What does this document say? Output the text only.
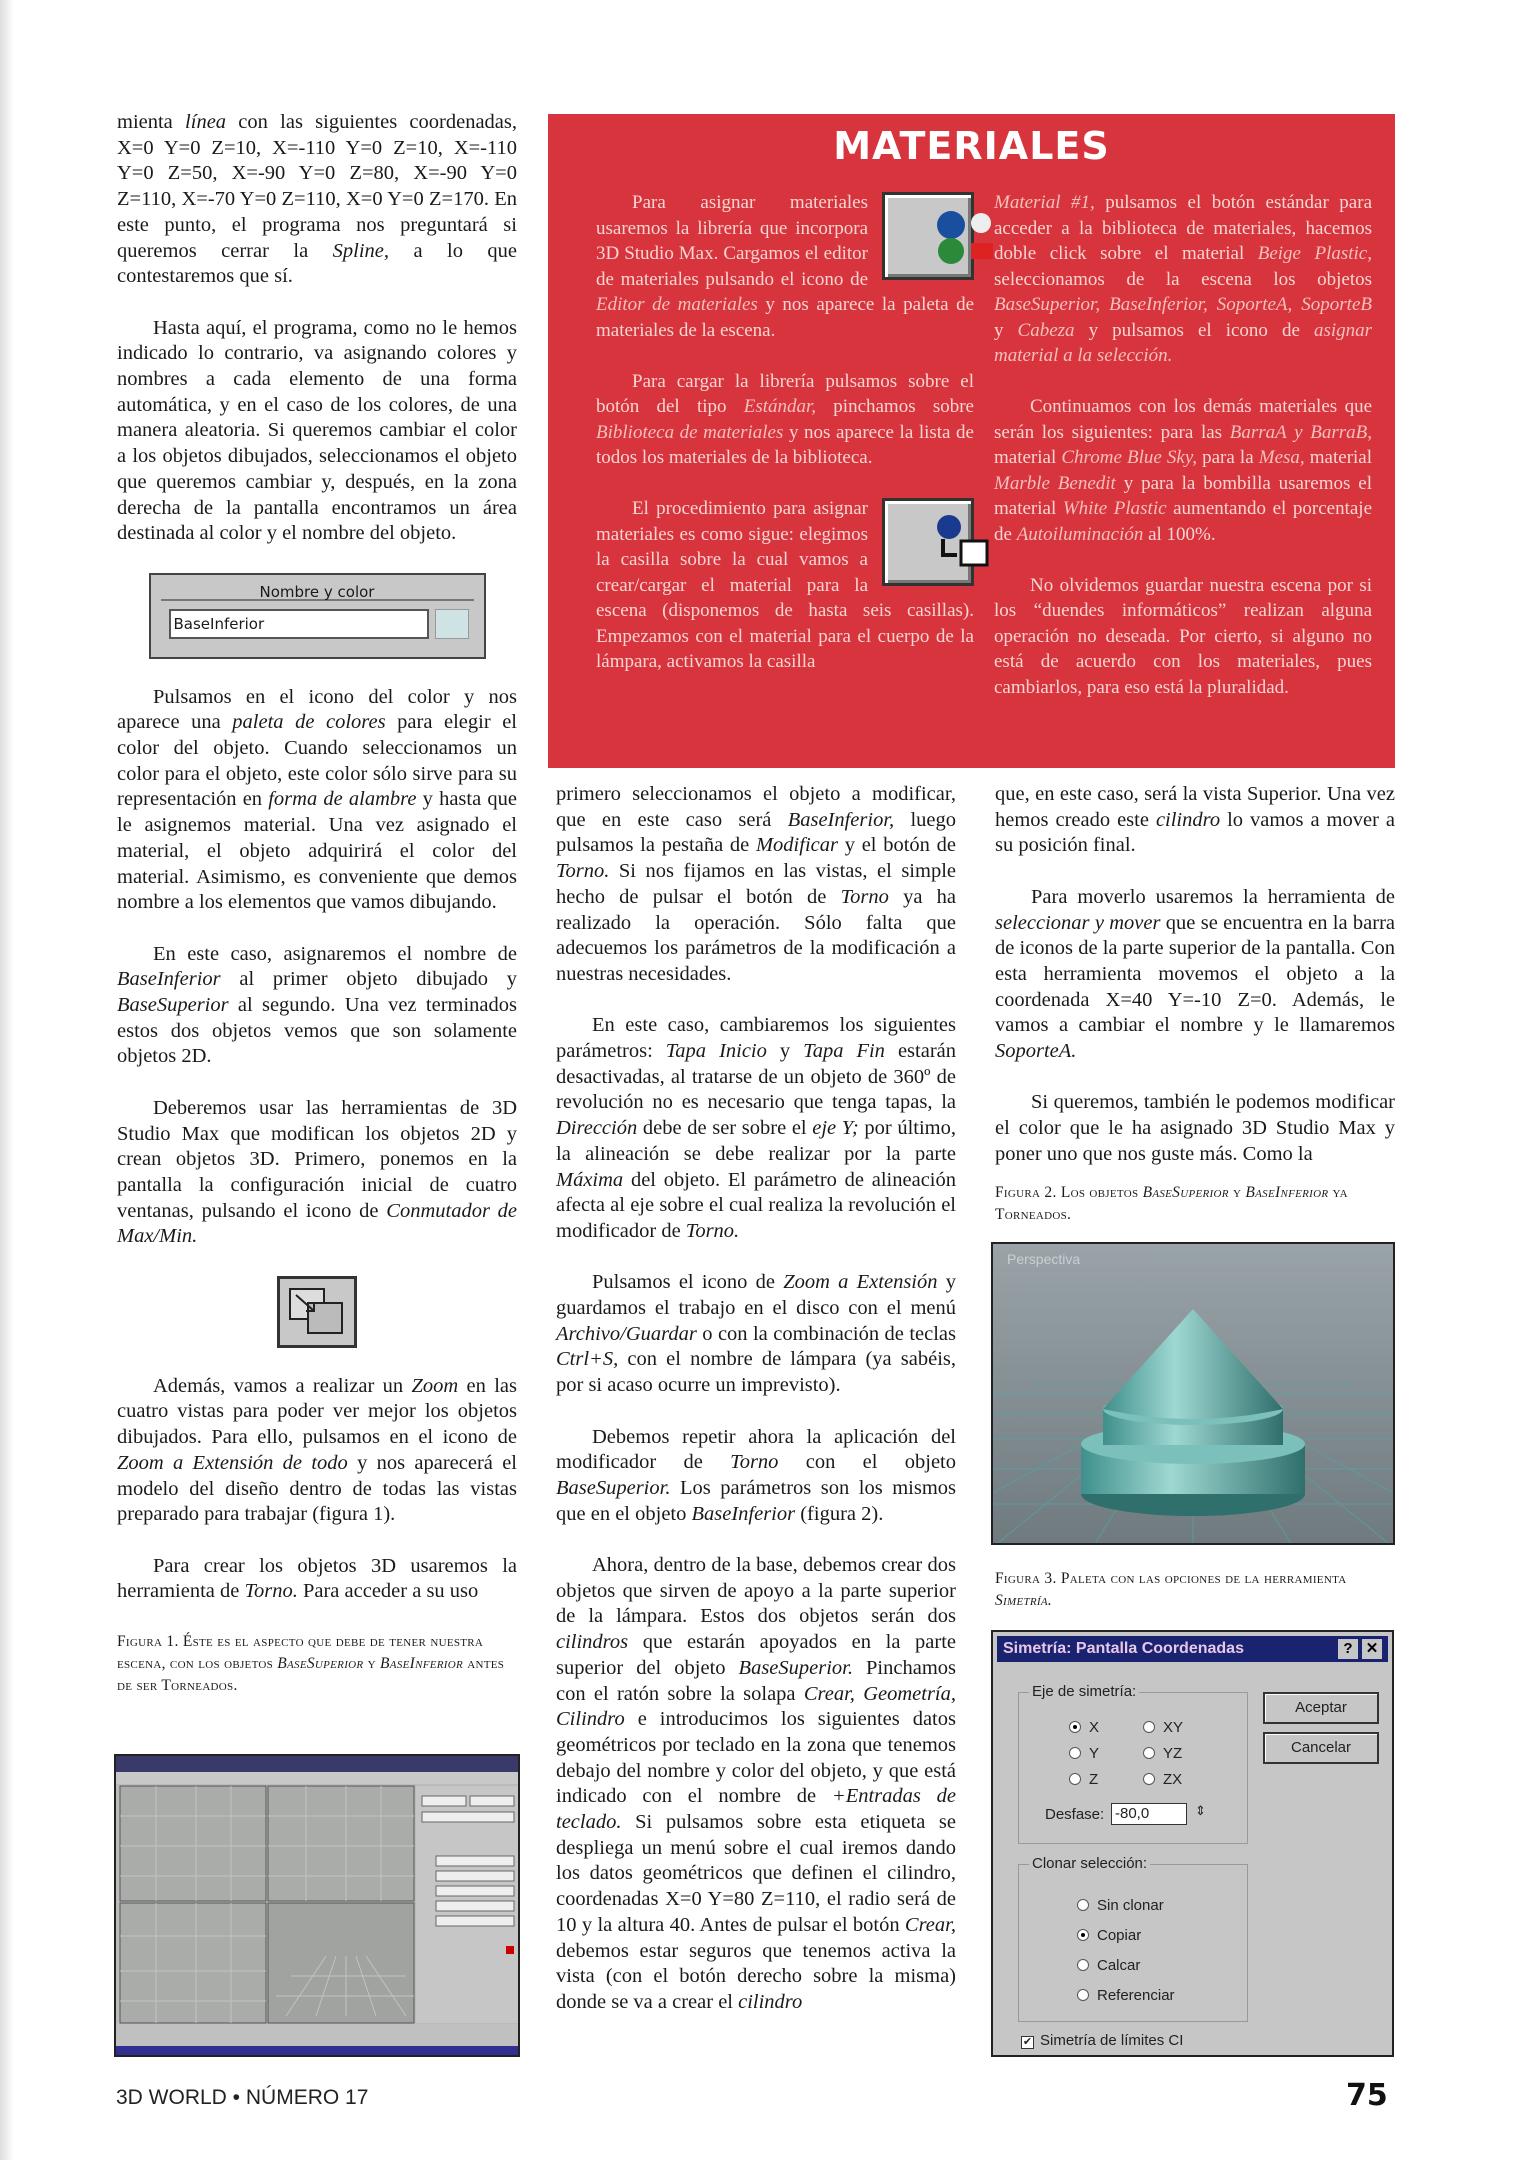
mienta línea con las siguientes coordenadas, X=0 Y=0 Z=10, X=-110 Y=0 Z=10, X=-110 Y=0 Z=50, X=-90 Y=0 Z=80, X=-90 Y=0 Z=110, X=-70 Y=0 Z=110, X=0 Y=0 Z=170. En este punto, el programa nos preguntará si queremos cerrar la Spline, a lo que contestaremos que sí.

Hasta aquí, el programa, como no le hemos indicado lo contrario, va asignando colores y nombres a cada elemento de una forma automática, y en el caso de los colores, de una manera aleatoria. Si queremos cambiar el color a los objetos dibujados, seleccionamos el objeto que queremos cambiar y, después, en la zona derecha de la pantalla encontramos un área destinada al color y el nombre del objeto.

Nombre y color
BaseInferior

Pulsamos en el icono del color y nos aparece una paleta de colores para elegir el color del objeto. Cuando seleccionamos un color para el objeto, este color sólo sirve para su representación en forma de alambre y hasta que le asignemos material. Una vez asignado el material, el objeto adquirirá el color del material. Asimismo, es conveniente que demos nombre a los elementos que vamos dibujando.

En este caso, asignaremos el nombre de BaseInferior al primer objeto dibujado y BaseSuperior al segundo. Una vez terminados estos dos objetos vemos que son solamente objetos 2D.

Deberemos usar las herramientas de 3D Studio Max que modifican los objetos 2D y crean objetos 3D. Primero, ponemos en la pantalla la configuración inicial de cuatro ventanas, pulsando el icono de Conmutador de Max/Min.

Además, vamos a realizar un Zoom en las cuatro vistas para poder ver mejor los objetos dibujados. Para ello, pulsamos en el icono de Zoom a Extensión de todo y nos aparecerá el modelo del diseño dentro de todas las vistas preparado para trabajar (figura 1).

Para crear los objetos 3D usaremos la herramienta de Torno. Para acceder a su uso

Figura 1. Éste es el aspecto que debe de tener nuestra escena, con los objetos BaseSuperior y BaseInferior antes de ser Torneados.
MATERIALES

Para asignar materiales usaremos la librería que incorpora 3D Studio Max. Cargamos el editor de materiales pulsando el icono de Editor de materiales y nos aparece la paleta de materiales de la escena.

Para cargar la librería pulsamos sobre el botón del tipo Estándar, pinchamos sobre Biblioteca de materiales y nos aparece la lista de todos los materiales de la biblioteca.

El procedimiento para asignar materiales es como sigue: elegimos la casilla sobre la cual vamos a crear/cargar el material para la escena (disponemos de hasta seis casillas). Empezamos con el material para el cuerpo de la lámpara, activamos la casilla

Material #1, pulsamos el botón estándar para acceder a la biblioteca de materiales, hacemos doble click sobre el material Beige Plastic, seleccionamos de la escena los objetos BaseSuperior, BaseInferior, SoporteA, SoporteB y Cabeza y pulsamos el icono de asignar material a la selección.

Continuamos con los demás materiales que serán los siguientes: para las BarraA y BarraB, material Chrome Blue Sky, para la Mesa, material Marble Benedit y para la bombilla usaremos el material White Plastic aumentando el porcentaje de Autoiluminación al 100%.

No olvidemos guardar nuestra escena por si los “duendes informáticos” realizan alguna operación no deseada. Por cierto, si alguno no está de acuerdo con los materiales, pues cambiarlos, para eso está la pluralidad.

primero seleccionamos el objeto a modificar, que en este caso será BaseInferior, luego pulsamos la pestaña de Modificar y el botón de Torno. Si nos fijamos en las vistas, el simple hecho de pulsar el botón de Torno ya ha realizado la operación. Sólo falta que adecuemos los parámetros de la modificación a nuestras necesidades.

En este caso, cambiaremos los siguientes parámetros: Tapa Inicio y Tapa Fin estarán desactivadas, al tratarse de un objeto de 360º de revolución no es necesario que tenga tapas, la Dirección debe de ser sobre el eje Y; por último, la alineación se debe realizar por la parte Máxima del objeto. El parámetro de alineación afecta al eje sobre el cual realiza la revolución el modificador de Torno.

Pulsamos el icono de Zoom a Extensión y guardamos el trabajo en el disco con el menú Archivo/Guardar o con la combinación de teclas Ctrl+S, con el nombre de lámpara (ya sabéis, por si acaso ocurre un imprevisto).

Debemos repetir ahora la aplicación del modificador de Torno con el objeto BaseSuperior. Los parámetros son los mismos que en el objeto BaseInferior (figura 2).

Ahora, dentro de la base, debemos crear dos objetos que sirven de apoyo a la parte superior de la lámpara. Estos dos objetos serán dos cilindros que estarán apoyados en la parte superior del objeto BaseSuperior. Pinchamos con el ratón sobre la solapa Crear, Geometría, Cilindro e introducimos los siguientes datos geométricos por teclado en la zona que tenemos debajo del nombre y color del objeto, y que está indicado con el nombre de +Entradas de teclado. Si pulsamos sobre esta etiqueta se despliega un menú sobre el cual iremos dando los datos geométricos que definen el cilindro, coordenadas X=0 Y=80 Z=110, el radio será de 10 y la altura 40. Antes de pulsar el botón Crear, debemos estar seguros que tenemos activa la vista (con el botón derecho sobre la misma) donde se va a crear el cilindro

que, en este caso, será la vista Superior. Una vez hemos creado este cilindro lo vamos a mover a su posición final.

Para moverlo usaremos la herramienta de seleccionar y mover que se encuentra en la barra de iconos de la parte superior de la pantalla. Con esta herramienta movemos el objeto a la coordenada X=40 Y=-10 Z=0. Además, le vamos a cambiar el nombre y le llamaremos SoporteA.

Si queremos, también le podemos modificar el color que le ha asignado 3D Studio Max y poner uno que nos guste más. Como la

Figura 2. Los objetos BaseSuperior y BaseInferior ya Torneados.
Figura 3. Paleta con las opciones de la herramienta Simetría.
Perspectiva
Simetría: Pantalla Coordenadas	? ✕
Eje de simetría:
X
Y
Z
XY
YZ
ZX
Desfase: -80,0	⇕
Clonar selección:
Sin clonar
Copiar
Calcar
Referenciar
✔ Simetría de límites CI
Aceptar
Cancelar
3D WORLD • NÚMERO 17	75
